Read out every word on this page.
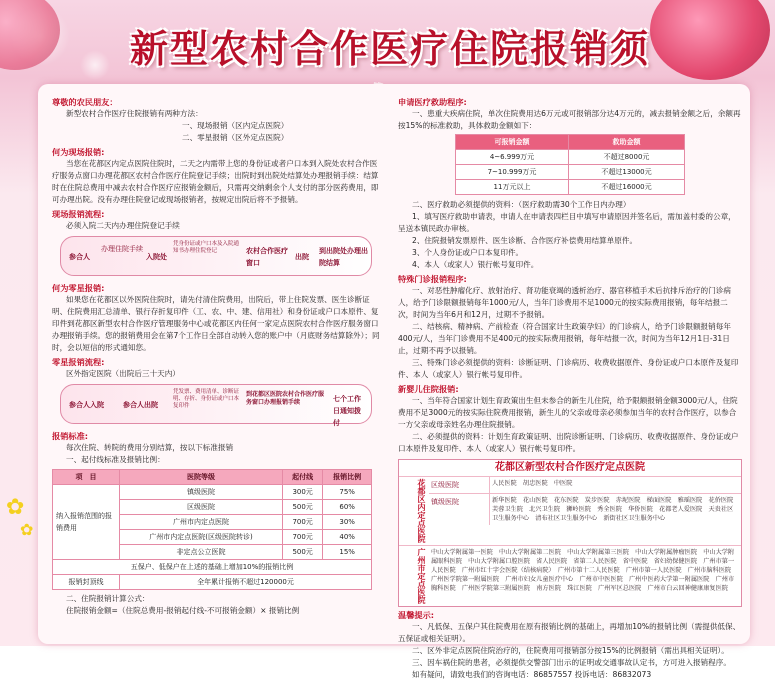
新型农村合作医疗住院报销须
尊敬的农民朋友：

新型农村合作医疗住院报销有两种方法：

一、现场报销（区内定点医院）
二、零星报销（区外定点医院）
何为现场报销:

当您在花都区内定点医院住院时，二天之内需带上您的身份证或者户口本到入院处农村合作医疗服务点窗口办理花都区农村合作医疗住院登记手续；出院时到出院处结算处办理报销手续：结算时在住院总费用中减去农村合作医疗应报销金额后，只需再交纳剩余个人支付的部分医药费用，即可办理出院。没有办理住院登记或现场报销者，按规定出院后将不予报销。

现场报销流程:

必须入院二天内办理住院登记手续

参合人
办理住院手续
入院处
凭身份证或户口本及入院通知书办理住院登记	农村合作医疗窗口
出院
到出院处办理出院结算
何为零星报销:

如果您在花都区以外医院住院时，请先付清住院费用，出院后，带上住院发票、医生诊断证明、住院费用汇总清单、银行存折复印件（工、农、中、建、信用社）和身份证或户口本原件、复印件到花都区新型农村合作医疗管理服务中心或花都区内任何一家定点医院农村合作医疗服务窗口办理报销手续。您的报销费用会在第7个工作日全部自动转入您的账户中（月底财务结算除外）；同时，会以短信的形式通知您。

零星报销流程:

区外指定医院（出院后三十天内）

参合人入院	参合人出院
凭发票、费用清单、诊断证明、存折、身份证或户口本复印件
到花都区医院农村合作医疗服务窗口办理报销手续	七个工作日通知拨付
报销标准:

每次住院、转院的费用分别结算，按以下标准报销

一、起付线标准及报销比例：

项　目	医院等级	起付线	报销比例
纳入报销范围的报销费用	镇级医院	300元	75%
	区级医院	500元	60%
	广州市内定点医院	700元	30%
	广州市内定点医院(区级医院转诊)	700元	40%
	非定点公立医院	500元	15%
五保户、低保户在上述的基础上增加10%的报销比例			
报销封顶线	全年累计报销不超过120000元		

二、住院报销计算公式：

住院报销金额=（住院总费用-报销起付线-不可报销金额）× 报销比例

申请医疗救助程序:

一、患重大疾病住院，单次住院费用达6万元或可报销部分达4万元的，减去报销金额之后，余额再按15%的标准救助，具体救助金额如下：

可报销金额	救助金额
4~6.999万元	不超过8000元
7~10.999万元	不超过13000元
11万元以上	不超过16000元

二、医疗救助必须提供的资料：（医疗救助需30个工作日内办理）

1、填写医疗救助申请表，申请人在申请表四栏目中填写申请原因并签名后，需加盖村委的公章，呈送本镇民政办审核。

2、住院报销发票原件、医生诊断、合作医疗补偿费用结算单原件。

3、个人身份证或户口本复印件。

4、本人（或家人）银行帐号复印件。

特殊门诊报销程序:

一、对恶性肿瘤化疗、放射治疗、肾功能衰竭的透析治疗、器官移植手术后抗排斥治疗的门诊病人，给予门诊限额报销每年1000元/人，当年门诊费用不足1000元的按实际费用报销，每年结报二次，时间为当年6月和12月，过期不予报销。

二、结核病、精神病、产前检查（符合国家计生政策孕妇）的门诊病人，给予门诊限额报销每年400元/人，当年门诊费用不足400元的按实际费用报销，每年结报一次，时间为当年12月1日-31日止，过期不再予以报销。

三、特殊门诊必须提供的资料：诊断证明、门诊病历、收费收据原件、身份证或户口本原件及复印件、本人（或家人）银行帐号复印件。

新婴儿住院报销:

一、当年符合国家计划生育政策出生但未参合的新生儿住院，给予限额报销金额3000元/人，住院费用不足3000元的按实际住院费用报销，新生儿的父亲或母亲必须参加当年的农村合作医疗，以参合一方父亲或母亲姓名办理住院报销。

二、必须提供的资料：计划生育政策证明、出院诊断证明、门诊病历、收费收据原件、身份证或户口本原件及复印件、本人（或家人）银行帐号复印件。

花都区新型农村合作医疗定点医院
花都区内定点医院 区级医院	人民医院　胡忠医院　中医院
镇级医院	新华医院　花山医院　花东医院　炭步医院　赤坭医院　梯面医院　雅瑶医院　花侨医院　芙蓉卫生院　北兴卫生院　狮岭医院　秀全医院　华侨医院　花都老人爱医院　天贵社区卫生服务中心　清布社区卫生服务中心　新街社区卫生服务中心
广州市定点医院 中山大学附属第一医院　中山大学附属第二医院　中山大学附属第三医院　中山大学附属肿瘤医院　中山大学附属眼科医院　中山大学附属口腔医院　省人民医院　省第二人民医院　省中医院　省妇幼保健医院　广州市第一人民医院　广州市红十字会医院（结核病院）　广州市第十二人民医院　广州市第一人民医院　广州市脑科医院　广州医学院第一附属医院　广州市妇女儿童医疗中心　广州市中医医院　广州中医药大学第一附属医院　广州市胸科医院　广州医学院第三附属医院　南方医院　珠江医院　广州军区总医院　广州市白云回神健康康复医院
温馨提示:

一、凡低保、五保户其住院费用在原有报销比例的基础上，再增加10%的报销比例（需提供低保、五保证或相关证明）。

二、区外非定点医院住院治疗的，住院费用可报销部分按15%的比例报销（需出具相关证明）。

三、因车祸住院的患者，必须提供交警部门出示的证明或交通事故认定书，方可进入报销程序。

如有疑问，请致电我们的咨询电话：86857557 投诉电话：86832073

✿
✿
